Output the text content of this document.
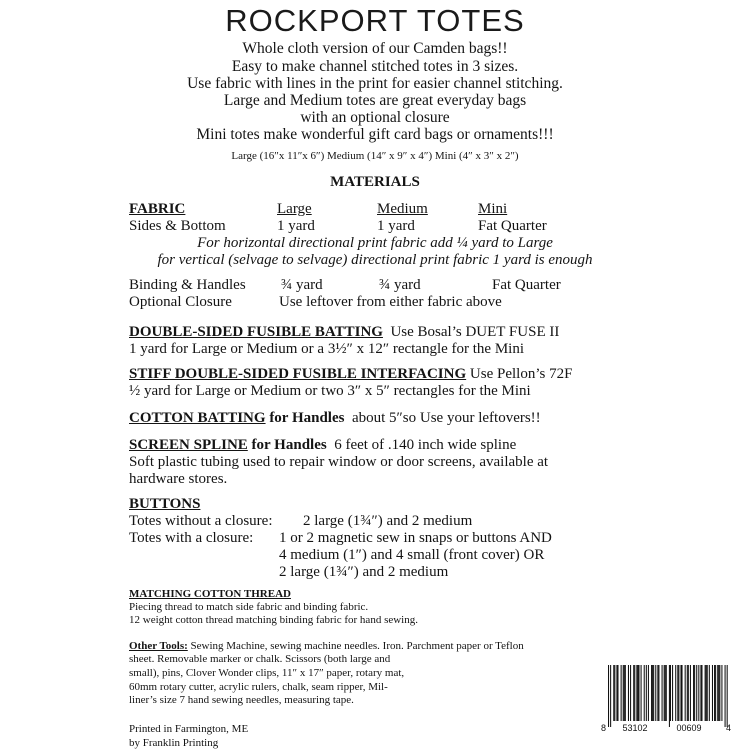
ROCKPORT TOTES
Whole cloth version of our Camden bags!!
Easy to make channel stitched totes in 3 sizes.
Use fabric with lines in the print for easier channel stitching.
Large and Medium totes are great everyday bags
with an optional closure
Mini totes make wonderful gift card bags or ornaments!!!
Large (16″x 11″x 6″) Medium (14″ x 9″ x 4″) Mini (4″ x 3″ x 2″)
MATERIALS
FABRIC	Large	Medium	Mini
Sides & Bottom	1 yard	1 yard	Fat Quarter
For horizontal directional print fabric add ¼ yard to Large
for vertical (selvage to selvage) directional print fabric 1 yard is enough
Binding & Handles ¾ yard	¾ yard	Fat Quarter
Optional Closure	Use leftover from either fabric above
DOUBLE-SIDED FUSIBLE BATTING  Use Bosal’s DUET FUSE II
1 yard for Large or Medium or a 3½″ x 12″ rectangle for the Mini
STIFF DOUBLE-SIDED FUSIBLE INTERFACING Use Pellon’s 72F
½ yard for Large or Medium or two 3″ x 5″ rectangles for the Mini
COTTON BATTING for Handles  about 5″so Use your leftovers!!
SCREEN SPLINE for Handles  6 feet of .140 inch wide spline
Soft plastic tubing used to repair window or door screens, available at
hardware stores.
BUTTONS
Totes without a closure: 2 large (1¾″) and 2 medium
Totes with a closure: 1 or 2 magnetic sew in snaps or buttons AND
4 medium (1″) and 4 small (front cover) OR
2 large (1¾″) and 2 medium
MATCHING COTTON THREAD
Piecing thread to match side fabric and binding fabric.
12 weight cotton thread matching binding fabric for hand sewing.
Other Tools: Sewing Machine, sewing machine needles. Iron. Parchment paper or Teflon
sheet. Removable marker or chalk. Scissors (both large and
small), pins, Clover Wonder clips, 11″ x 17″ paper, rotary mat,
60mm rotary cutter, acrylic rulers, chalk, seam ripper, Mil-
liner’s size 7 hand sewing needles, measuring tape.
Printed in Farmington, ME
by Franklin Printing
8 53102	00609	4
